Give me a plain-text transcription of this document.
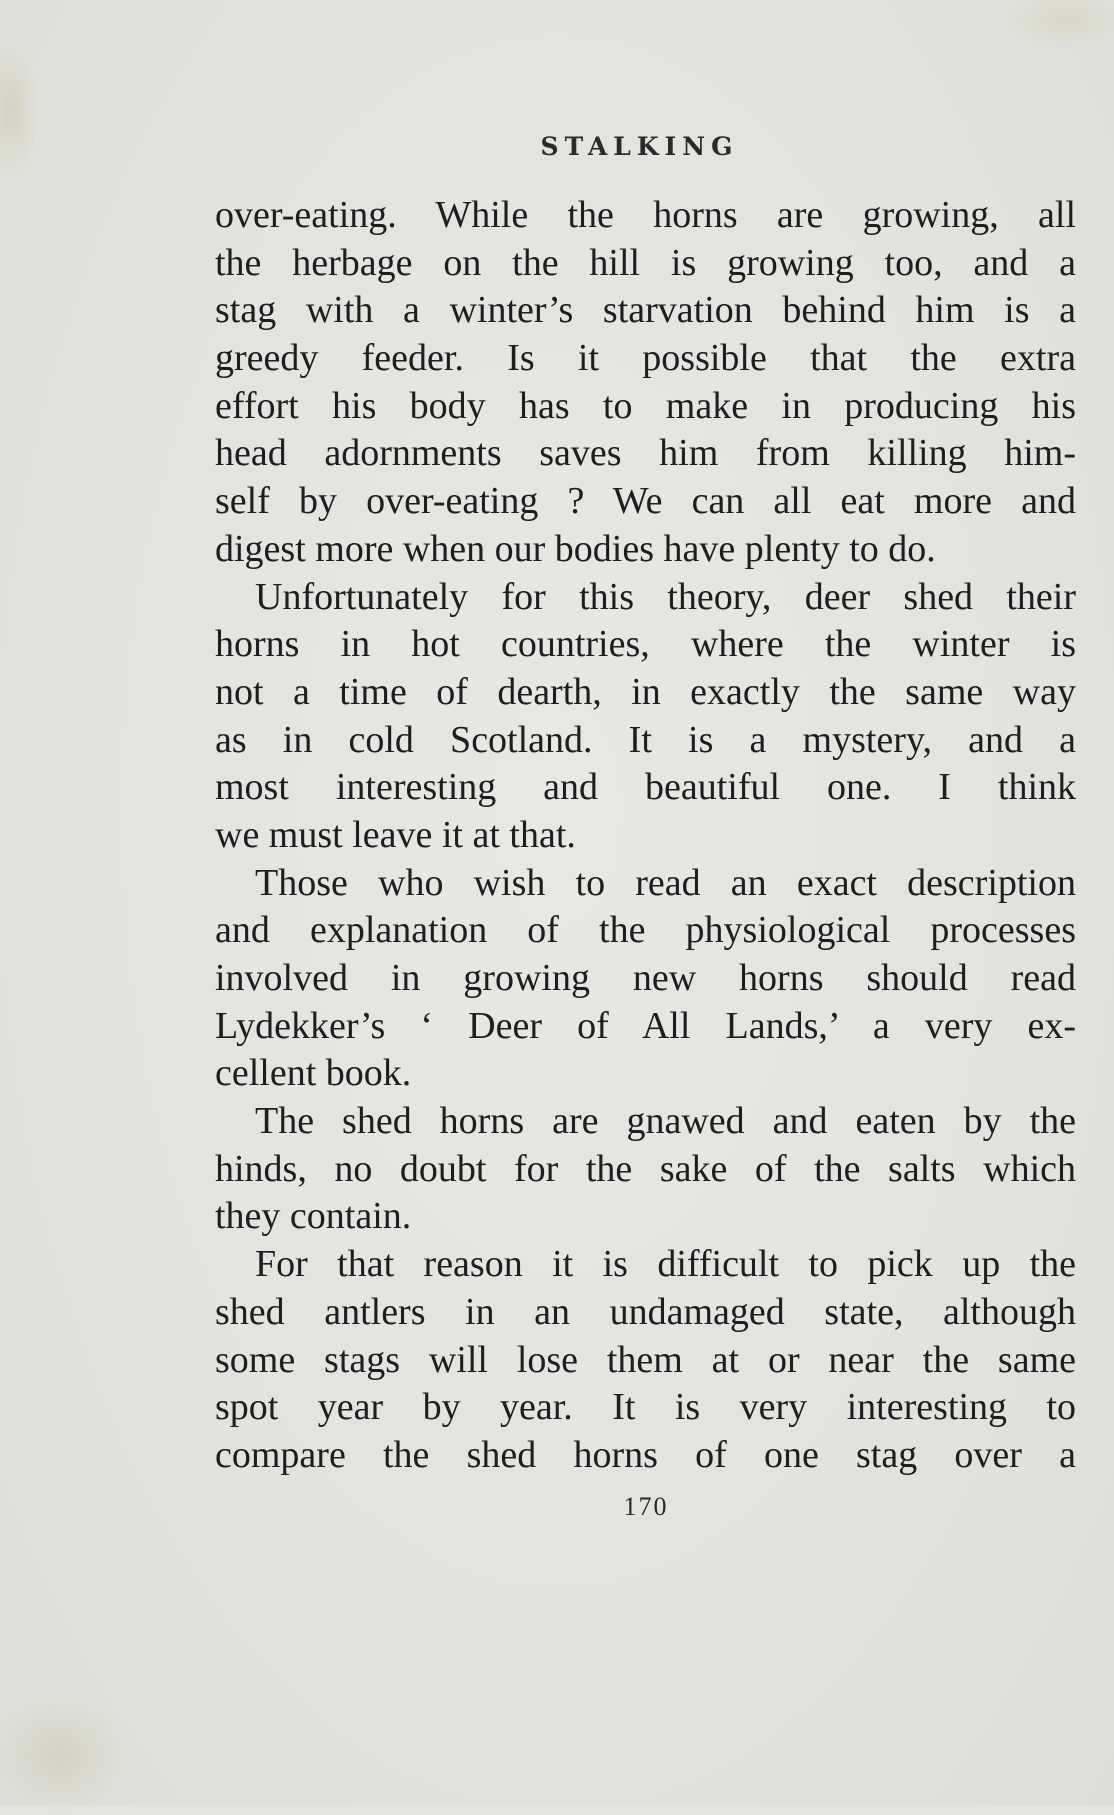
STALKING
over-eating. While the horns are growing, all
the herbage on the hill is growing too, and a
stag with a winter’s starvation behind him is a
greedy feeder. Is it possible that the extra
effort his body has to make in producing his
head adornments saves him from killing him-
self by over-eating ? We can all eat more and
digest more when our bodies have plenty to do.
Unfortunately for this theory, deer shed their
horns in hot countries, where the winter is
not a time of dearth, in exactly the same way
as in cold Scotland. It is a mystery, and a
most interesting and beautiful one. I think
we must leave it at that.
Those who wish to read an exact description
and explanation of the physiological processes
involved in growing new horns should read
Lydekker’s ‘ Deer of All Lands,’ a very ex-
cellent book.
The shed horns are gnawed and eaten by the
hinds, no doubt for the sake of the salts which
they contain.
For that reason it is difficult to pick up the
shed antlers in an undamaged state, although
some stags will lose them at or near the same
spot year by year. It is very interesting to
compare the shed horns of one stag over a

170
